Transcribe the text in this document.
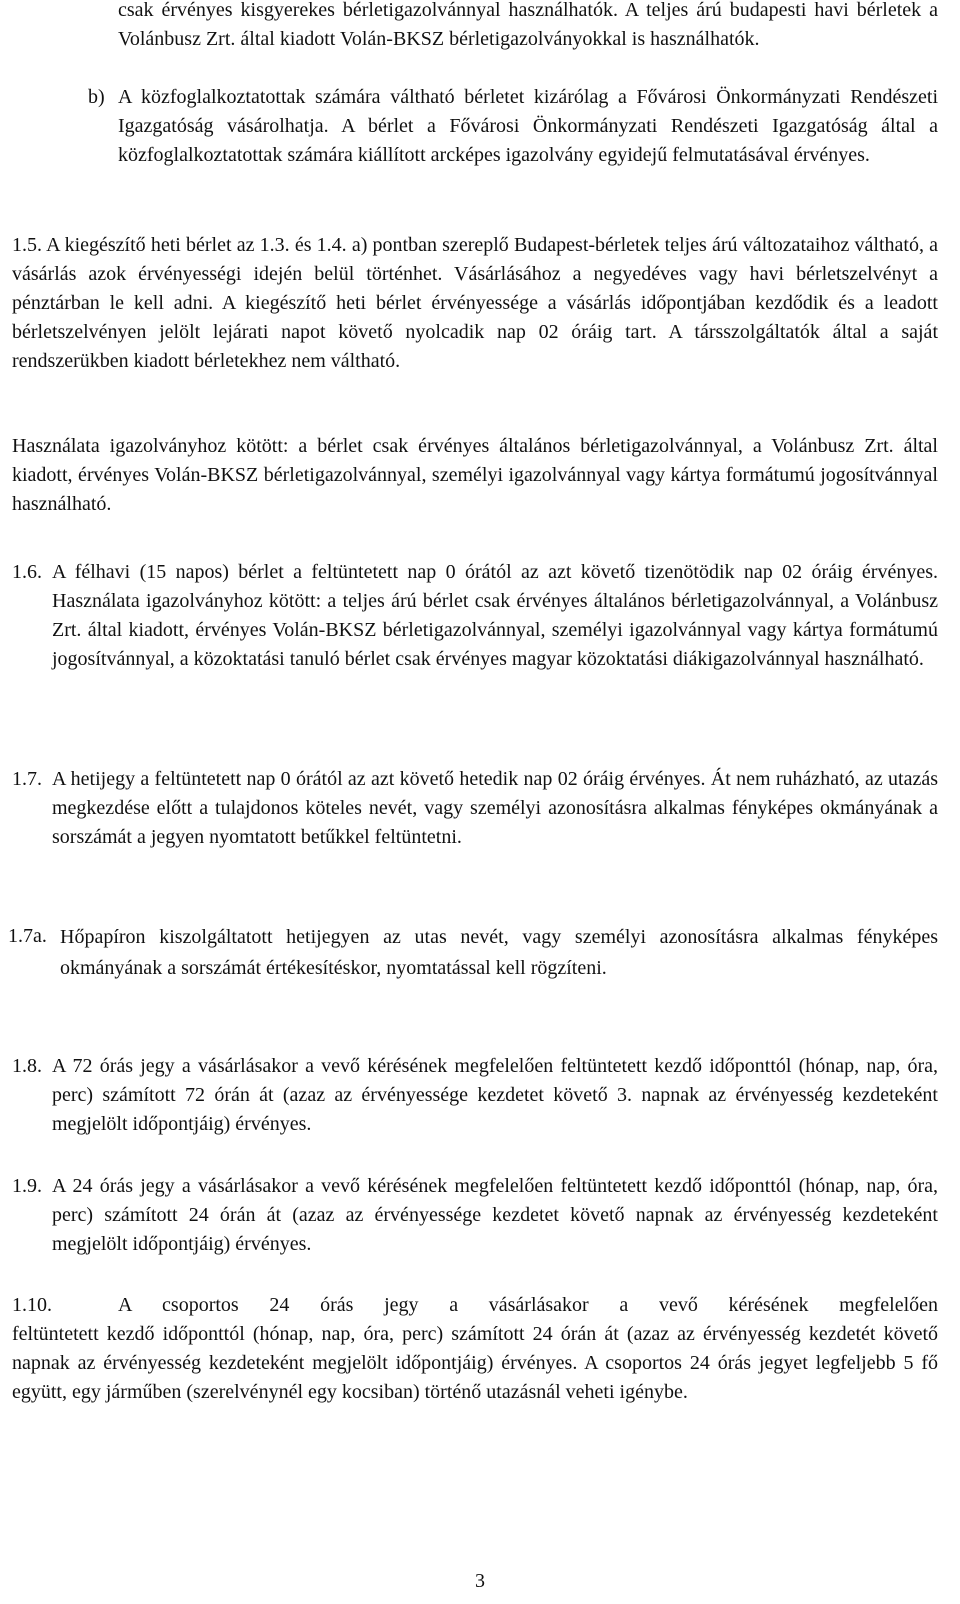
csak érvényes kisgyerekes bérletigazolvánnyal használhatók. A teljes árú budapesti havi bérletek a Volánbusz Zrt. által kiadott Volán-BKSZ bérletigazolványokkal is használhatók.

b) A közfoglalkoztatottak számára váltható bérletet kizárólag a Fővárosi Önkormányzati Rendészeti Igazgatóság vásárolhatja. A bérlet a Fővárosi Önkormányzati Rendészeti Igazgatóság által a közfoglalkoztatottak számára kiállított arcképes igazolvány egyidejű felmutatásával érvényes.

1.5. A kiegészítő heti bérlet az 1.3. és 1.4. a) pontban szereplő Budapest-bérletek teljes árú változataihoz váltható, a vásárlás azok érvényességi idején belül történhet. Vásárlásához a negyedéves vagy havi bérletszelvényt a pénztárban le kell adni. A kiegészítő heti bérlet érvényessége a vásárlás időpontjában kezdődik és a leadott bérletszelvényen jelölt lejárati napot követő nyolcadik nap 02 óráig tart. A társszolgáltatók által a saját rendszerükben kiadott bérletekhez nem váltható.

Használata igazolványhoz kötött: a bérlet csak érvényes általános bérletigazolvánnyal, a Volánbusz Zrt. által kiadott, érvényes Volán-BKSZ bérletigazolvánnyal, személyi igazolvánnyal vagy kártya formátumú jogosítvánnyal használható.

1.6. A félhavi (15 napos) bérlet a feltüntetett nap 0 órától az azt követő tizenötödik nap 02 óráig érvényes. Használata igazolványhoz kötött: a teljes árú bérlet csak érvényes általános bérletigazolvánnyal, a Volánbusz Zrt. által kiadott, érvényes Volán-BKSZ bérletigazolvánnyal, személyi igazolvánnyal vagy kártya formátumú jogosítvánnyal, a közoktatási tanuló bérlet csak érvényes magyar közoktatási diákigazolvánnyal használható.

1.7. A hetijegy a feltüntetett nap 0 órától az azt követő hetedik nap 02 óráig érvényes. Át nem ruházható, az utazás megkezdése előtt a tulajdonos köteles nevét, vagy személyi azonosításra alkalmas fényképes okmányának a sorszámát a jegyen nyomtatott betűkkel feltüntetni.

1.7a. Hőpapíron kiszolgáltatott hetijegyen az utas nevét, vagy személyi azonosításra alkalmas fényképes okmányának a sorszámát értékesítéskor, nyomtatással kell rögzíteni.

1.8. A 72 órás jegy a vásárlásakor a vevő kérésének megfelelően feltüntetett kezdő időponttól (hónap, nap, óra, perc) számított 72 órán át (azaz az érvényessége kezdetet követő 3. napnak az érvényesség kezdeteként megjelölt időpontjáig) érvényes.

1.9. A 24 órás jegy a vásárlásakor a vevő kérésének megfelelően feltüntetett kezdő időponttól (hónap, nap, óra, perc) számított 24 órán át (azaz az érvényessége kezdetet követő napnak az érvényesség kezdeteként megjelölt időpontjáig) érvényes.

1.10.	A csoportos 24 órás jegy a vásárlásakor a vevő kérésének megfelelően

feltüntetett kezdő időponttól (hónap, nap, óra, perc) számított 24 órán át (azaz az érvényesség kezdetét követő napnak az érvényesség kezdeteként megjelölt időpontjáig) érvényes. A csoportos 24 órás jegyet legfeljebb 5 fő együtt, egy járműben (szerelvénynél egy kocsiban) történő utazásnál veheti igénybe.

3
